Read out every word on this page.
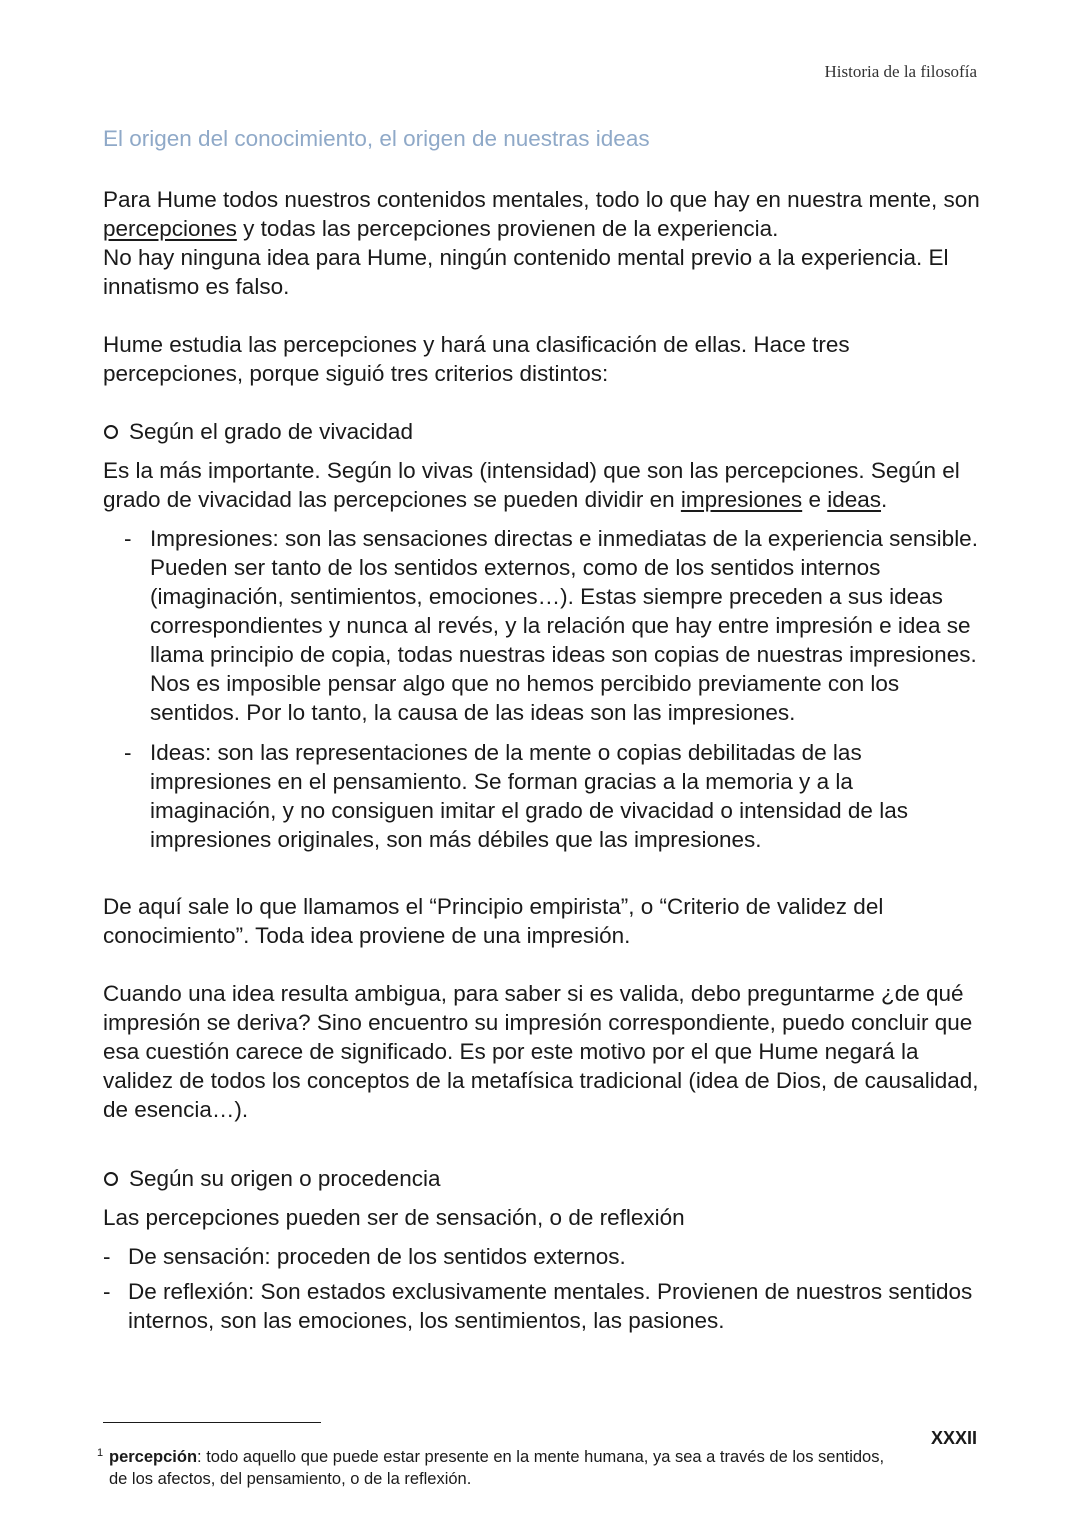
Historia de la filosofía
El origen del conocimiento, el origen de nuestras ideas

Para Hume todos nuestros contenidos mentales, todo lo que hay en nuestra mente, son percepciones y todas las percepciones provienen de la experiencia.
No hay ninguna idea para Hume, ningún contenido mental previo a la experiencia. El innatismo es falso.

Hume estudia las percepciones y hará una clasificación de ellas. Hace tres percepciones, porque siguió tres criterios distintos:

Según el grado de vivacidad
Es la más importante. Según lo vivas (intensidad) que son las percepciones. Según el grado de vivacidad las percepciones se pueden dividir en impresiones e ideas.
- Impresiones: son las sensaciones directas e inmediatas de la experiencia sensible. Pueden ser tanto de los sentidos externos, como de los sentidos internos (imaginación, sentimientos, emociones…). Estas siempre preceden a sus ideas correspondientes y nunca al revés, y la relación que hay entre impresión e idea se llama principio de copia, todas nuestras ideas son copias de nuestras impresiones. Nos es imposible pensar algo que no hemos percibido previamente con los sentidos. Por lo tanto, la causa de las ideas son las impresiones.
- Ideas: son las representaciones de la mente o copias debilitadas de las impresiones en el pensamiento. Se forman gracias a la memoria y a la imaginación, y no consiguen imitar el grado de vivacidad o intensidad de las impresiones originales, son más débiles que las impresiones.

De aquí sale lo que llamamos el “Principio empirista”, o “Criterio de validez del conocimiento”. Toda idea proviene de una impresión.

Cuando una idea resulta ambigua, para saber si es valida, debo preguntarme ¿de qué impresión se deriva? Sino encuentro su impresión correspondiente, puedo concluir que esa cuestión carece de significado. Es por este motivo por el que Hume negará la validez de todos los conceptos de la metafísica tradicional (idea de Dios, de causalidad, de esencia…).

Según su origen o procedencia
Las percepciones pueden ser de sensación, o de reflexión
- De sensación: proceden de los sentidos externos.
- De reflexión: Son estados exclusivamente mentales. Provienen de nuestros sentidos internos, son las emociones, los sentimientos, las pasiones.
1 percepción: todo aquello que puede estar presente en la mente humana, ya sea a través de los sentidos, de los afectos, del pensamiento, o de la reflexión.
XXXII
